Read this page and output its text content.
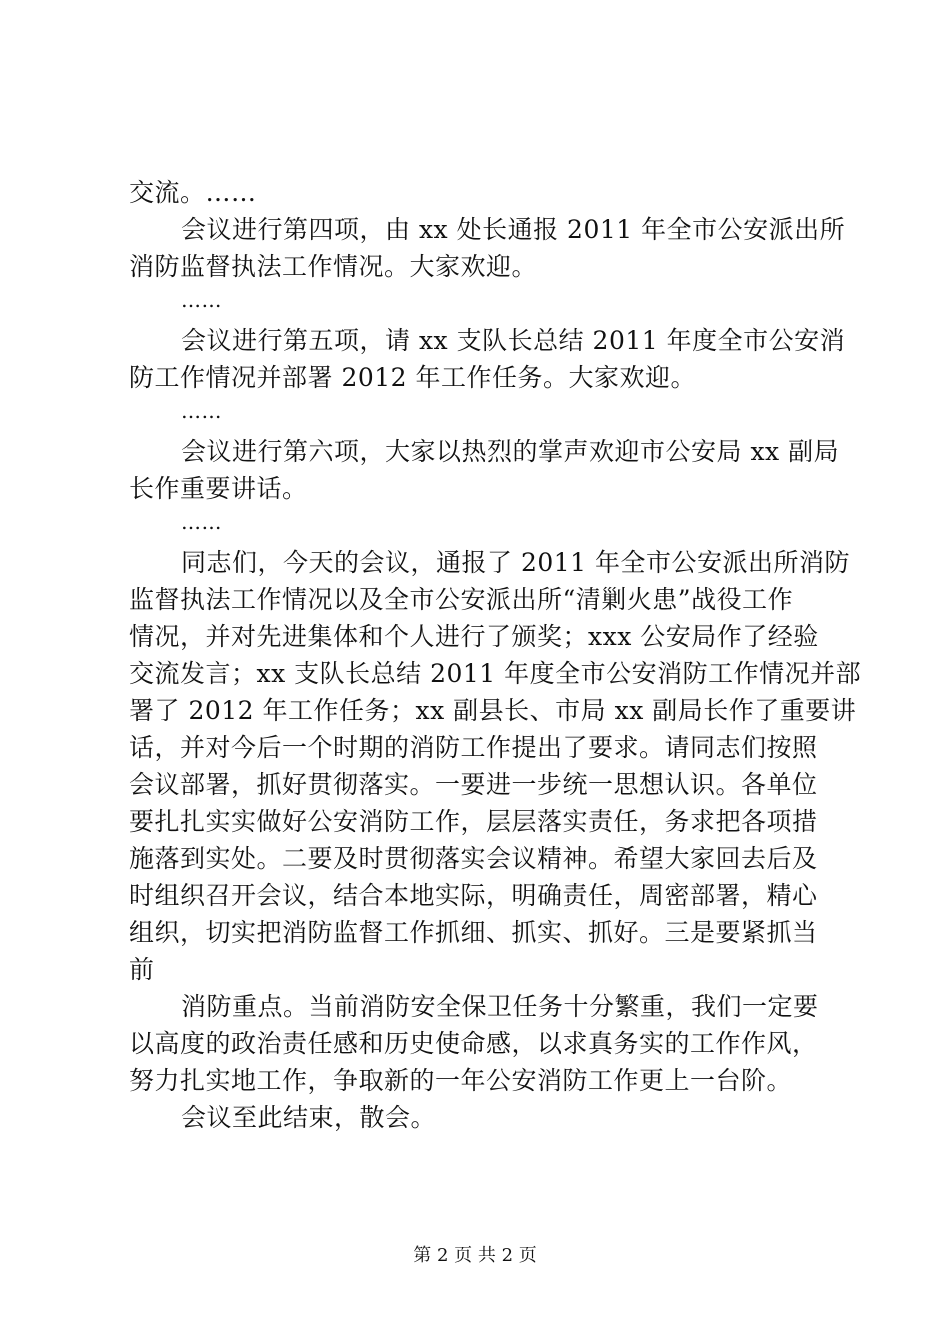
交流。……
会议进行第四项，由 xx 处长通报 2011 年全市公安派出所
消防监督执法工作情况。大家欢迎。
……
会议进行第五项，请 xx 支队长总结 2011 年度全市公安消
防工作情况并部署 2012 年工作任务。大家欢迎。
……
会议进行第六项，大家以热烈的掌声欢迎市公安局 xx 副局
长作重要讲话。
……
同志们，今天的会议，通报了 2011 年全市公安派出所消防
监督执法工作情况以及全市公安派出所“清剿火患”战役工作
情况，并对先进集体和个人进行了颁奖；xxx 公安局作了经验
交流发言；xx 支队长总结 2011 年度全市公安消防工作情况并部
署了 2012 年工作任务；xx 副县长、市局 xx 副局长作了重要讲
话，并对今后一个时期的消防工作提出了要求。请同志们按照
会议部署，抓好贯彻落实。一要进一步统一思想认识。各单位
要扎扎实实做好公安消防工作，层层落实责任，务求把各项措
施落到实处。二要及时贯彻落实会议精神。希望大家回去后及
时组织召开会议，结合本地实际，明确责任，周密部署，精心
组织，切实把消防监督工作抓细、抓实、抓好。三是要紧抓当
前
消防重点。当前消防安全保卫任务十分繁重，我们一定要
以高度的政治责任感和历史使命感，以求真务实的工作作风，
努力扎实地工作，争取新的一年公安消防工作更上一台阶。
会议至此结束，散会。
第 2 页 共 2 页
